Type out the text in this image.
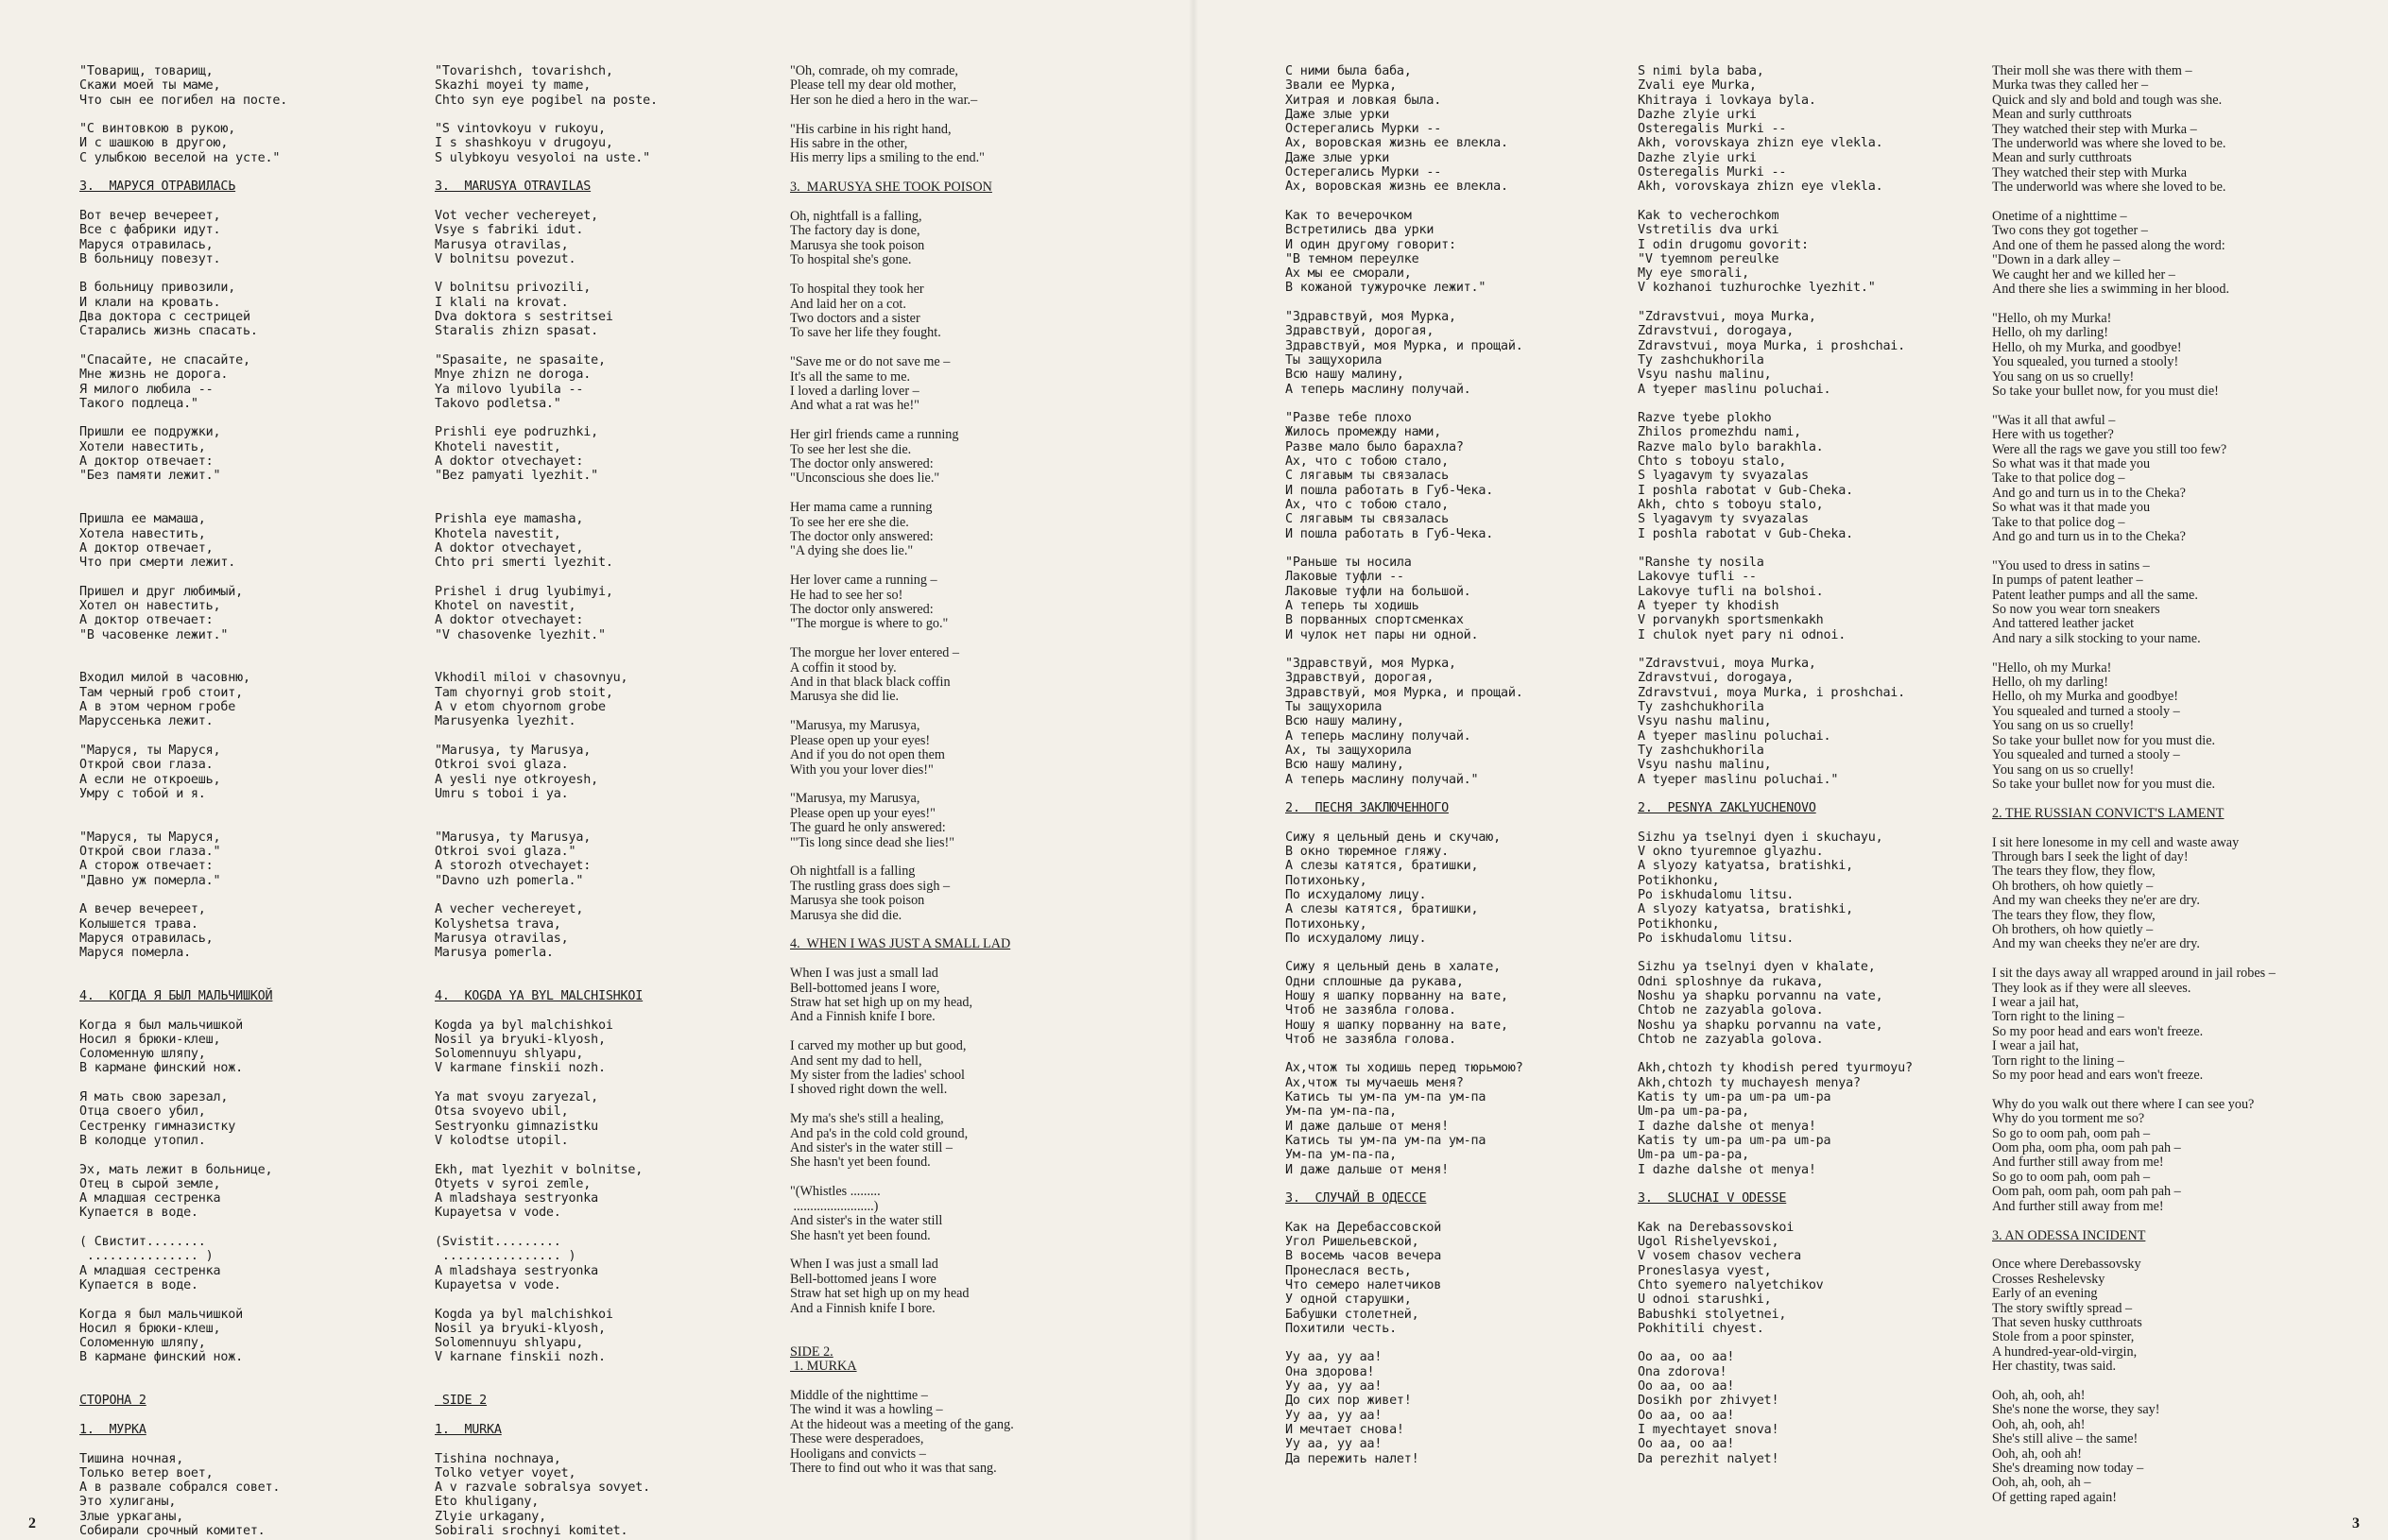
"Товарищ, товарищ,
Скажи моей ты маме,
Что сын ее погибел на посте.

"С винтовкою в рукою,
И с шашкою в другою,
С улыбкою веселой на усте."

3.  МАРУСЯ ОТРАВИЛАСЬ

Вот вечер вечереет,
Все с фабрики идут.
Маруся отравилась,
В больницу повезут.

В больницу привозили,
И клали на кровать.
Два доктора с сестрицей
Старались жизнь спасать.

"Спасайте, не спасайте,
Мне жизнь не дорога.
Я милого любила --
Такого подлеца."

Пришли ее подружки,
Хотели навестить,
А доктор отвечает:
"Без памяти лежит."

Пришла ее мамаша,
Хотела навестить,
А доктор отвечает,
Что при смерти лежит.

Пришел и друг любимый,
Хотел он навестить,
А доктор отвечает:
"В часовенке лежит."

Входил милой в часовню,
Там черный гроб стоит,
А в этом черном гробе
Маруссенька лежит.

"Маруся, ты Маруся,
Открой свои глаза.
А если не откроешь,
Умру с тобой и я.

"Маруся, ты Маруся,
Открой свои глаза."
А сторож отвечает:
"Давно уж померла."

А вечер вечереет,
Колышется трава.
Маруся отравилась,
Маруся померла.

4.  КОГДА Я БЫЛ МАЛЬЧИШКОЙ

Когда я был мальчишкой
Носил я брюки-клеш,
Соломенную шляпу,
В кармане финский нож.

Я мать свою зарезал,
Отца своего убил,
Сестренку гимназистку
В колодце утопил.

Эх, мать лежит в больнице,
Отец в сырой земле,
А младшая сестренка
Купается в воде.

( Свистит........
............... )
А младшая сестренка
Купается в воде.

Когда я был мальчишкой
Носил я брюки-клеш,
Соломенную шляпу,
В кармане финский нож.

СТОРОНА 2

1.  МУРКА

Тишина ночная,
Только ветер воет,
А в развале собрался совет.
Это хулиганы,
Злые уркаганы,
Собирали срочный комитет.
"Tovarishch, tovarishch,
Skazhi moyei ty mame,
Chto syn eye pogibel na poste.

"S vintovkoyu v rukoyu,
I s shashkoyu v drugoyu,
S ulybkoyu vesyoloi na uste."

3.  MARUSYA OTRAVILAS

Vot vecher vechereyet,
Vsye s fabriki idut.
Marusya otravilas,
V bolnitsu povezut.

V bolnitsu privozili,
I klali na krovat.
Dva doktora s sestritsei
Staralis zhizn spasat.

"Spasaite, ne spasaite,
Mnye zhizn ne doroga.
Ya milovo lyubila --
Takovo podletsa."

Prishli eye podruzhki,
Khoteli navestit,
A doktor otvechayet:
"Bez pamyati lyezhit."

Prishla eye mamasha,
Khotela navestit,
A doktor otvechayet,
Chto pri smerti lyezhit.

Prishel i drug lyubimyi,
Khotel on navestit,
A doktor otvechayet:
"V chasovenke lyezhit."

Vkhodil miloi v chasovnyu,
Tam chyornyi grob stoit,
A v etom chyornom grobe
Marusyenka lyezhit.

"Marusya, ty Marusya,
Otkroi svoi glaza.
A yesli nye otkroyesh,
Umru s toboi i ya.

"Marusya, ty Marusya,
Otkroi svoi glaza."
A storozh otvechayet:
"Davno uzh pomerla."

A vecher vechereyet,
Kolyshetsa trava,
Marusya otravilas,
Marusya pomerla.

4.  KOGDA YA BYL MALCHISHKOI

Kogda ya byl malchishkoi
Nosil ya bryuki-klyosh,
Solomennuyu shlyapu,
V karmane finskii nozh.

Ya mat svoyu zaryezal,
Otsa svoyevo ubil,
Sestryonku gimnazistku
V kolodtse utopil.

Ekh, mat lyezhit v bolnitse,
Otyets v syroi zemle,
A mladshaya sestryonka
Kupayetsa v vode.

(Svistit.........
................ )
A mladshaya sestryonka
Kupayetsa v vode.

Kogda ya byl malchishkoi
Nosil ya bryuki-klyosh,
Solomennuyu shlyapu,
V karnane finskii nozh.

SIDE 2

1.  MURKA

Tishina nochnaya,
Tolko vetyer voyet,
A v razvale sobralsya sovyet.
Eto khuligany,
Zlyie urkagany,
Sobirali srochnyi komitet.
"Oh, comrade, oh my comrade,
Please tell my dear old mother,
Her son he died a hero in the war.–

"His carbine in his right hand,
His sabre in the other,
His merry lips a smiling to the end."

3.  MARUSYA SHE TOOK POISON

Oh, nightfall is a falling,
The factory day is done,
Marusya she took poison
To hospital she's gone.

To hospital they took her
And laid her on a cot.
Two doctors and a sister
To save her life they fought.

"Save me or do not save me –
It's all the same to me.
I loved a darling lover –
And what a rat was he!"

Her girl friends came a running
To see her lest she die.
The doctor only answered:
"Unconscious she does lie."

Her mama came a running
To see her ere she die.
The doctor only answered:
"A dying she does lie."

Her lover came a running –
He had to see her so!
The doctor only answered:
"The morgue is where to go."

The morgue her lover entered –
A coffin it stood by.
And in that black black coffin
Marusya she did lie.

"Marusya, my Marusya,
Please open up your eyes!
And if you do not open them
With you your lover dies!"

"Marusya, my Marusya,
Please open up your eyes!"
The guard he only answered:
"'Tis long since dead she lies!"

Oh nightfall is a falling
The rustling grass does sigh –
Marusya she took poison
Marusya she did die.

4.  WHEN I WAS JUST A SMALL LAD

When I was just a small lad
Bell-bottomed jeans I wore,
Straw hat set high up on my head,
And a Finnish knife I bore.

I carved my mother up but good,
And sent my dad to hell,
My sister from the ladies' school
I shoved right down the well.

My ma's she's still a healing,
And pa's in the cold cold ground,
And sister's in the water still –
She hasn't yet been found.

"(Whistles .........
........................)
And sister's in the water still
She hasn't yet been found.

When I was just a small lad
Bell-bottomed jeans I wore
Straw hat set high up on my head
And a Finnish knife I bore.

SIDE 2.
1. MURKA

Middle of the nighttime –
The wind it was a howling –
At the hideout was a meeting of the gang.
These were desperadoes,
Hooligans and convicts –
There to find out who it was that sang.
С ними была баба,
Звали ее Мурка,
Хитрая и ловкая была.
Даже злые урки
Остерегались Мурки --
Ах, воровская жизнь ее влекла.
Даже злые урки
Остерегались Мурки --
Ах, воровская жизнь ее влекла.

Как то вечерочком
Встретились два урки
И один другому говорит:
"В темном переулке
Ах мы ее смоpали,
В кожаной тужурочке лежит."

"Здравствуй, моя Мурка,
Здравствуй, дорогая,
Здравствуй, моя Мурка, и прощай.
Ты защухорила
Всю нашу малину,
А теперь маслину получай.

"Разве тебе плохо
Жилось промежду нами,
Разве мало было барахла?
Ах, что с тобою стало,
С лягавым ты связалась
И пошла работать в Губ-Чека.
Ах, что с тобою стало,
С лягавым ты связалась
И пошла работать в Губ-Чека.

"Раньше ты носила
Лаковые туфли --
Лаковые туфли на большой.
А теперь ты ходишь
В порванных спортсменках
И чулок нет пары ни одной.

"Здравствуй, моя Мурка,
Здравствуй, дорогая,
Здравствуй, моя Мурка, и прощай.
Ты защухорила
Всю нашу малину,
А теперь маслину получай.
Ах, ты защухорила
Всю нашу малину,
А теперь маслину получай."

2.  ПЕСНЯ ЗАКЛЮЧЕННОГО

Сижу я цельный день и скучаю,
В окно тюремное гляжу.
А слезы катятся, братишки,
Потихоньку,
По исхудалому лицу.
А слезы катятся, братишки,
Потихоньку,
По исхудалому лицу.

Сижу я цельный день в халате,
Одни сплошные да рукава,
Ношу я шапку порванну на вате,
Чтоб не зазябла голова.
Ношу я шапку порванну на вате,
Чтоб не зазябла голова.

Ах,чтож ты ходишь перед тюрьмою?
Ах,чтож ты мучаешь меня?
Катись ты ум-па ум-па ум-па
Ум-па ум-па-па,
И даже дальше от меня!
Катись ты ум-па ум-па ум-па
Ум-па ум-па-па,
И даже дальше от меня!

3.  СЛУЧАЙ В ОДЕССЕ

Как на Деребассовской
Угол Ришельевской,
В восемь часов вечера
Пронеслася весть,
Что семеро налетчиков
У одной старушки,
Бабушки столетней,
Похитили честь.

Уу аа, уу аа!
Она здорова!
Уу аа, уу аа!
До сих пор живет!
Уу аа, уу аа!
И мечтает снова!
Уу аа, уу аа!
Да пережить налет!
S nimi byla baba,
Zvali eye Murka,
Khitraya i lovkaya byla.
Dazhe zlyie urki
Osteregalis Murki --
Akh, vorovskaya zhizn eye vlekla.
Dazhe zlyie urki
Osteregalis Murki --
Akh, vorovskaya zhizn eye vlekla.

Kak to vecherochkom
Vstretilis dva urki
I odin drugomu govorit:
"V tyemnom pereulke
My eye smorali,
V kozhanoi tuzhurochke lyezhit."

"Zdravstvui, moya Murka,
Zdravstvui, dorogaya,
Zdravstvui, moya Murka, i proshchai.
Ty zashchukhorila
Vsyu nashu malinu,
A tyeper maslinu poluchai.

Razve tyebe plokho
Zhilos promezhdu nami,
Razve malo bylo barakhla.
Chto s toboyu stalo,
S lyagavym ty svyazalas
I poshla rabotat v Gub-Cheka.
Akh, chto s toboyu stalo,
S lyagavym ty svyazalas
I poshla rabotat v Gub-Cheka.

"Ranshe ty nosila
Lakovye tufli --
Lakovye tufli na bolshoi.
A tyeper ty khodish
V porvanykh sportsmenkakh
I chulok nyet pary ni odnoi.

"Zdravstvui, moya Murka,
Zdravstvui, dorogaya,
Zdravstvui, moya Murka, i proshchai.
Ty zashchukhorila
Vsyu nashu malinu,
A tyeper maslinu poluchai.
Ty zashchukhorila
Vsyu nashu malinu,
A tyeper maslinu poluchai."

2.  PESNYA ZAKLYUCHENOVO

Sizhu ya tselnyi dyen i skuchayu,
V okno tyuremnoe glyazhu.
A slyozy katyatsa, bratishki,
Potikhonku,
Po iskhudalomu litsu.
A slyozy katyatsa, bratishki,
Potikhonku,
Po iskhudalomu litsu.

Sizhu ya tselnyi dyen v khalate,
Odni sploshnye da rukava,
Noshu ya shapku porvannu na vate,
Chtob ne zazyabla golova.
Noshu ya shapku porvannu na vate,
Chtob ne zazyabla golova.

Akh,chtozh ty khodish pered tyurmoyu?
Akh,chtozh ty muchayesh menya?
Katis ty um-pa um-pa um-pa
Um-pa um-pa-pa,
I dazhe dalshe ot menya!
Katis ty um-pa um-pa um-pa
Um-pa um-pa-pa,
I dazhe dalshe ot menya!

3.  SLUCHAI V ODESSE

Kak na Derebassovskoi
Ugol Rishelyevskoi,
V vosem chasov vechera
Proneslasya vyest,
Chto syemero nalyetchikov
U odnoi starushki,
Babushki stolyetnei,
Pokhitili chyest.

Oo aa, oo aa!
Ona zdorova!
Oo aa, oo aa!
Dosikh por zhivyet!
Oo aa, oo aa!
I myechtayet snova!
Oo aa, oo aa!
Da perezhit nalyet!
Their moll she was there with them –
Murka twas they called her –
Quick and sly and bold and tough was she.
Mean and surly cutthroats
They watched their step with Murka –
The underworld was where she loved to be.
Mean and surly cutthroats
They watched their step with Murka
The underworld was where she loved to be.

Onetime of a nighttime –
Two cons they got together –
And one of them he passed along the word:
"Down in a dark alley –
We caught her and we killed her –
And there she lies a swimming in her blood.

"Hello, oh my Murka!
Hello, oh my darling!
Hello, oh my Murka, and goodbye!
You squealed, you turned a stooly!
You sang on us so cruelly!
So take your bullet now, for you must die!

"Was it all that awful –
Here with us together?
Were all the rags we gave you still too few?
So what was it that made you
Take to that police dog –
And go and turn us in to the Cheka?
So what was it that made you
Take to that police dog –
And go and turn us in to the Cheka?

"You used to dress in satins –
In pumps of patent leather –
Patent leather pumps and all the same.
So now you wear torn sneakers
And tattered leather jacket
And nary a silk stocking to your name.

"Hello, oh my Murka!
Hello, oh my darling!
Hello, oh my Murka and goodbye!
You squealed and turned a stooly –
You sang on us so cruelly!
So take your bullet now for you must die.
You squealed and turned a stooly –
You sang on us so cruelly!
So take your bullet now for you must die.

2. THE RUSSIAN CONVICT'S LAMENT

I sit here lonesome in my cell and waste away
Through bars I seek the light of day!
The tears they flow, they flow,
Oh brothers, oh how quietly –
And my wan cheeks they ne'er are dry.
The tears they flow, they flow,
Oh brothers, oh how quietly –
And my wan cheeks they ne'er are dry.

I sit the days away all wrapped around in jail robes –
They look as if they were all sleeves.
I wear a jail hat,
Torn right to the lining –
So my poor head and ears won't freeze.
I wear a jail hat,
Torn right to the lining –
So my poor head and ears won't freeze.

Why do you walk out there where I can see you?
Why do you torment me so?
So go to oom pah, oom pah –
Oom pha, oom pha, oom pah pah –
And further still away from me!
So go to oom pah, oom pah –
Oom pah, oom pah, oom pah pah –
And further still away from me!

3. AN ODESSA INCIDENT

Once where Derebassovsky
Crosses Reshelevsky
Early of an evening
The story swiftly spread –
That seven husky cutthroats
Stole from a poor spinster,
A hundred-year-old-virgin,
Her chastity, twas said.

Ooh, ah, ooh, ah!
She's none the worse, they say!
Ooh, ah, ooh, ah!
She's still alive – the same!
Ooh, ah, ooh ah!
She's dreaming now today –
Ooh, ah, ooh, ah –
Of getting raped again!
2	3
